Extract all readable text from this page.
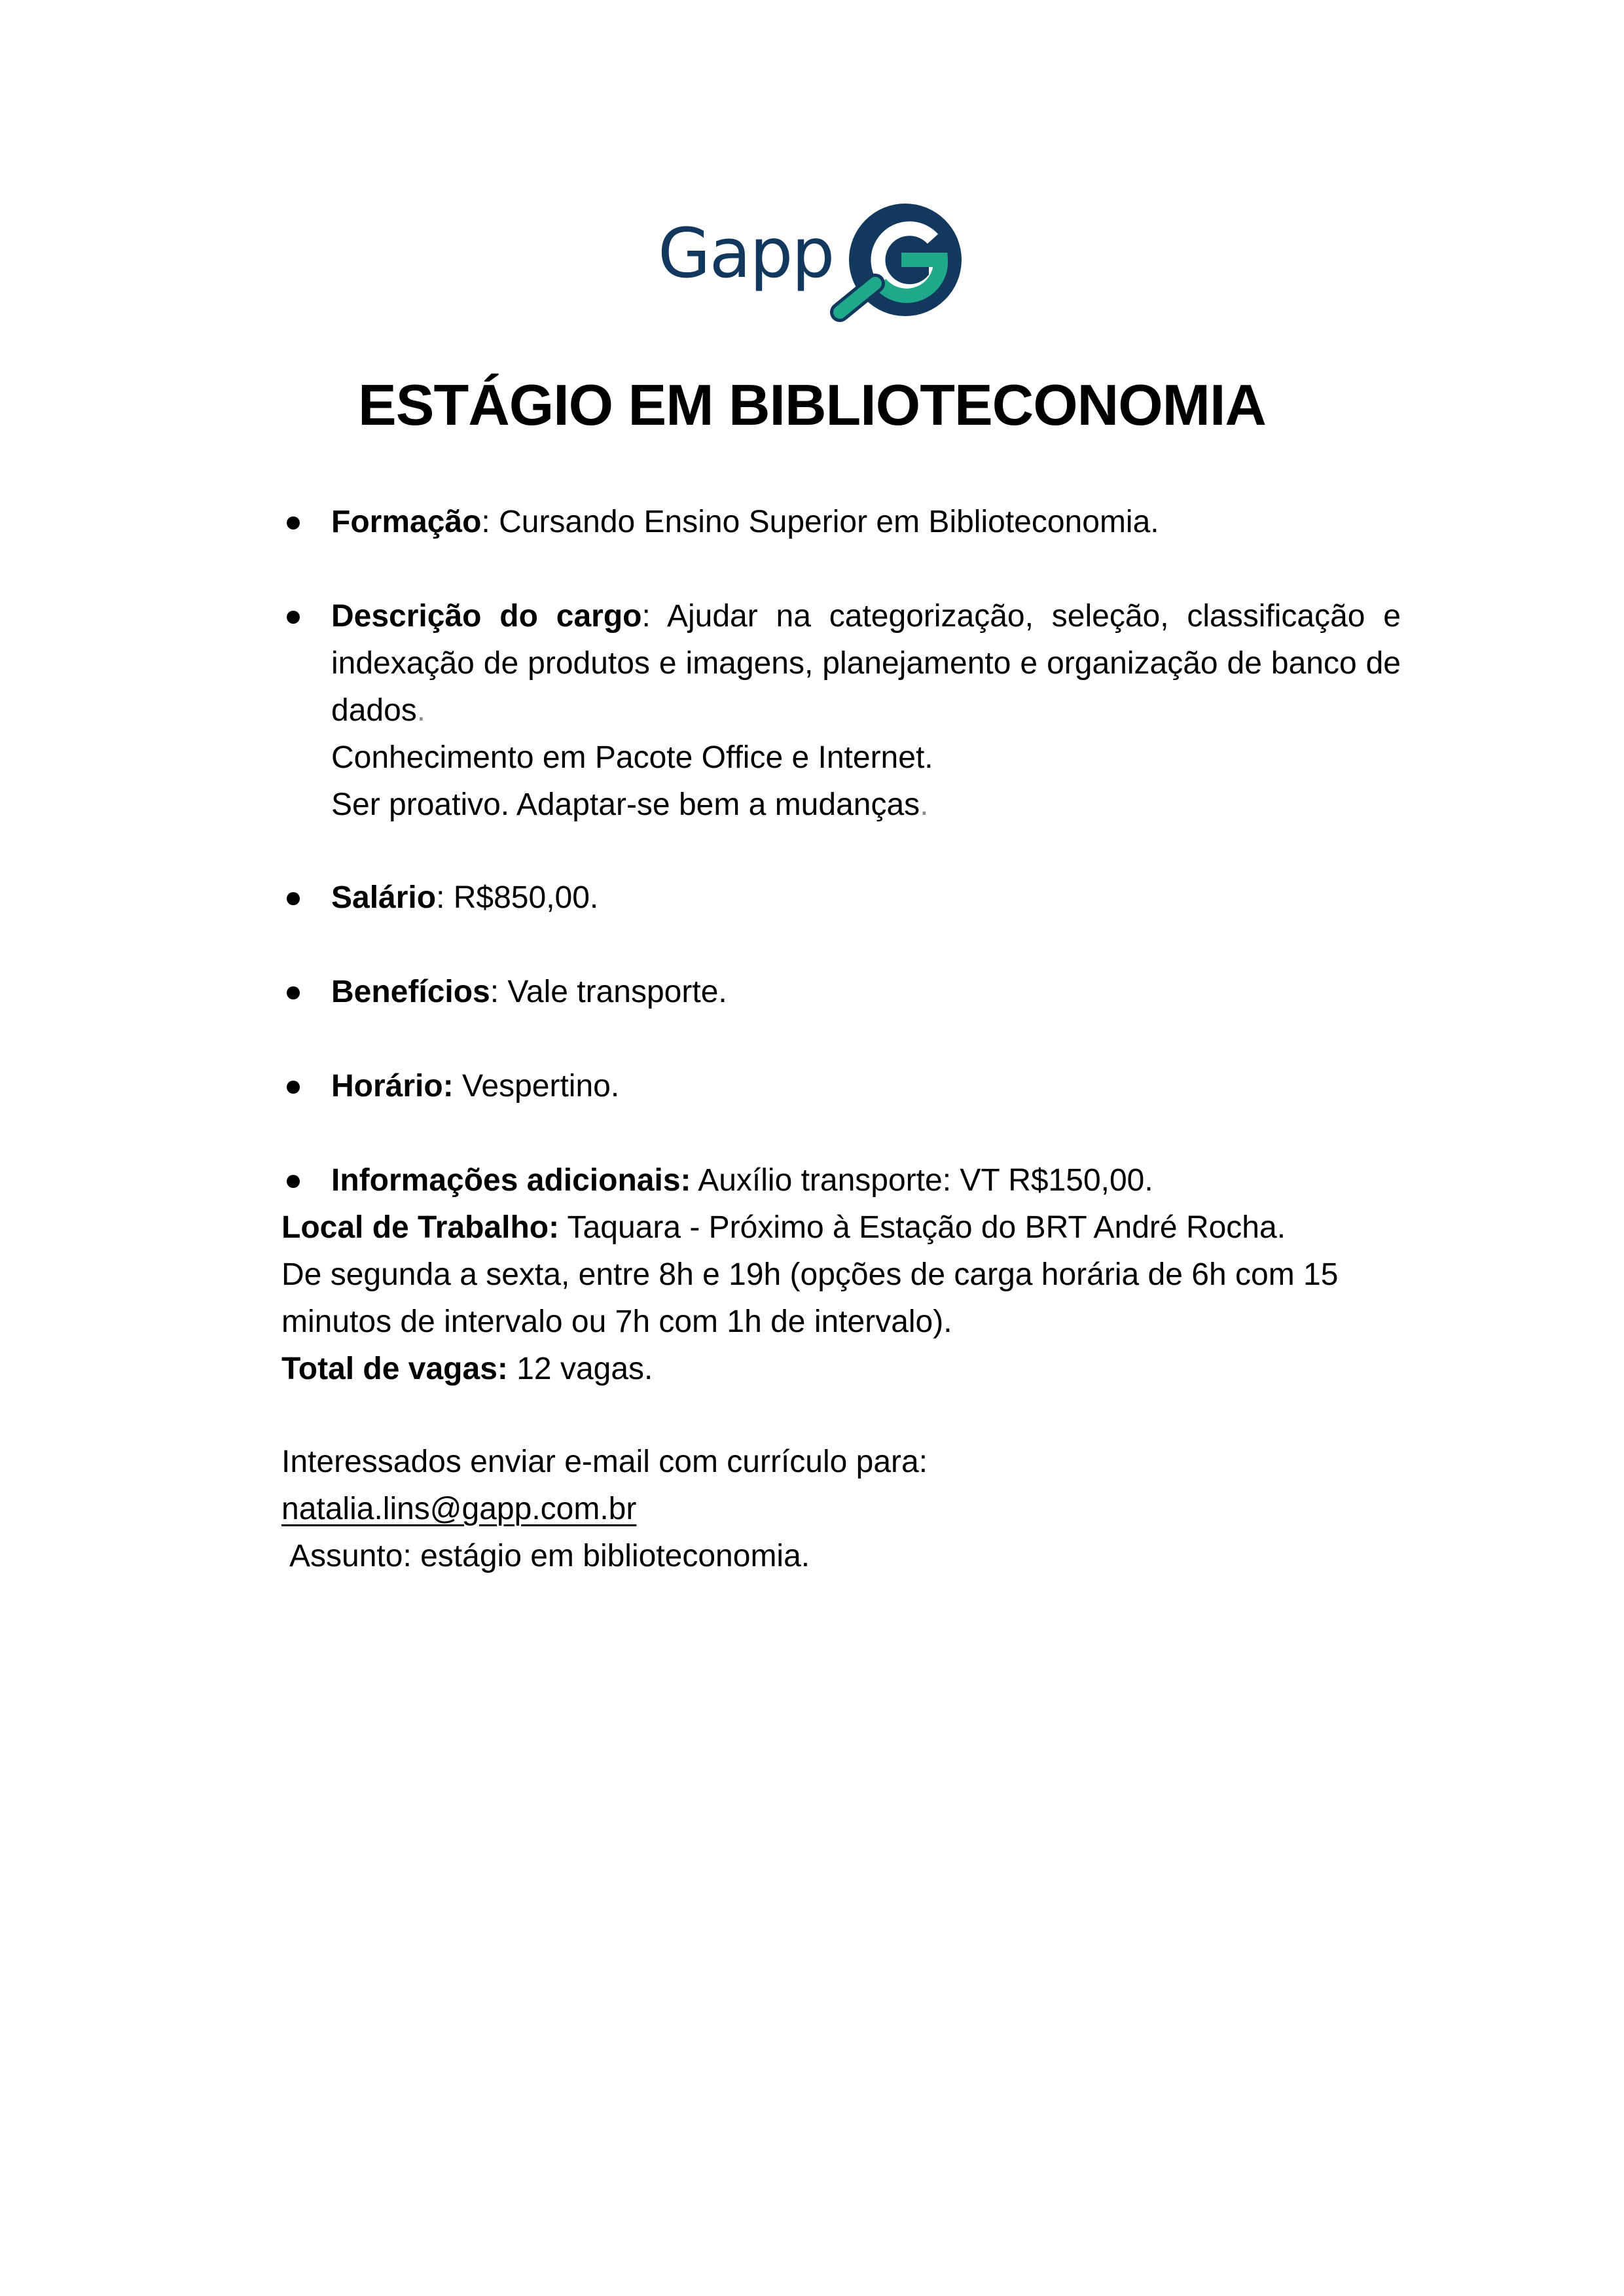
Gapp
ESTÁGIO EM BIBLIOTECONOMIA
Formação: Cursando Ensino Superior em Biblioteconomia.
Descrição do cargo: Ajudar na categorização, seleção, classificação e indexação de produtos e imagens, planejamento e organização de banco de dados.
Conhecimento em Pacote Office e Internet.
Ser proativo. Adaptar-se bem a mudanças.
Salário: R$850,00.
Benefícios: Vale transporte.
Horário: Vespertino.
Informações adicionais: Auxílio transporte: VT R$150,00.
Local de Trabalho: Taquara - Próximo à Estação do BRT André Rocha.
De segunda a sexta, entre 8h e 19h (opções de carga horária de 6h com 15 minutos de intervalo ou 7h com 1h de intervalo).
Total de vagas: 12 vagas.
Interessados enviar e-mail com currículo para:
natalia.lins@gapp.com.br
Assunto: estágio em biblioteconomia.
